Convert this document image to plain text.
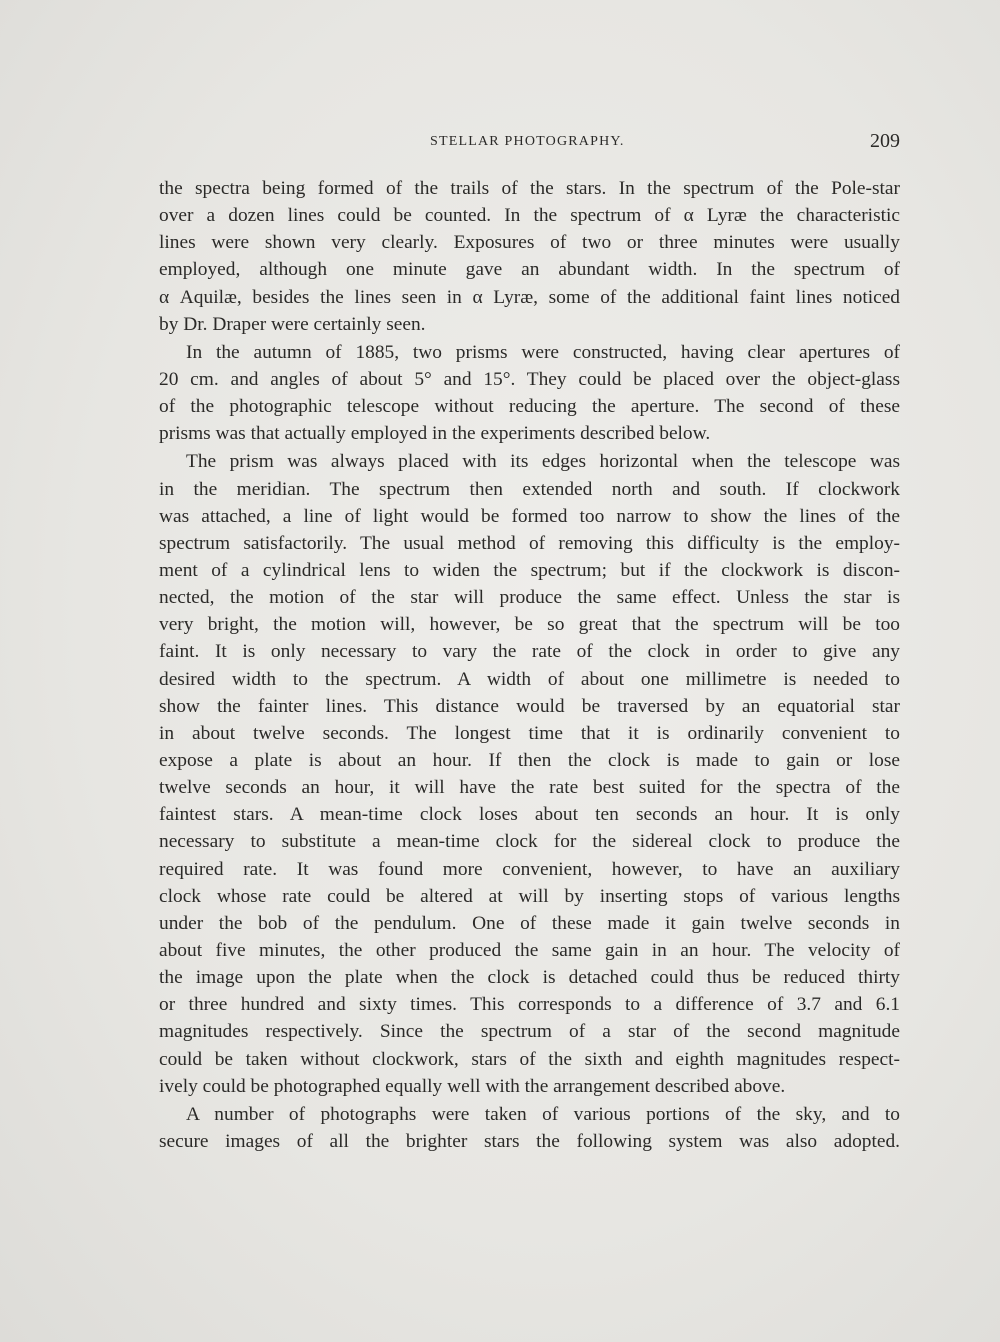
STELLAR PHOTOGRAPHY.	209
the spectra being formed of the trails of the stars. In the spectrum of the Pole-star
over a dozen lines could be counted. In the spectrum of α Lyræ the characteristic
lines were shown very clearly. Exposures of two or three minutes were usually
employed, although one minute gave an abundant width. In the spectrum of
α Aquilæ, besides the lines seen in α Lyræ, some of the additional faint lines noticed
by Dr. Draper were certainly seen.
In the autumn of 1885, two prisms were constructed, having clear apertures of
20 cm. and angles of about 5° and 15°. They could be placed over the object-glass
of the photographic telescope without reducing the aperture. The second of these
prisms was that actually employed in the experiments described below.
The prism was always placed with its edges horizontal when the telescope was
in the meridian. The spectrum then extended north and south. If clockwork
was attached, a line of light would be formed too narrow to show the lines of the
spectrum satisfactorily. The usual method of removing this difficulty is the employ-
ment of a cylindrical lens to widen the spectrum; but if the clockwork is discon-
nected, the motion of the star will produce the same effect. Unless the star is
very bright, the motion will, however, be so great that the spectrum will be too
faint. It is only necessary to vary the rate of the clock in order to give any
desired width to the spectrum. A width of about one millimetre is needed to
show the fainter lines. This distance would be traversed by an equatorial star
in about twelve seconds. The longest time that it is ordinarily convenient to
expose a plate is about an hour. If then the clock is made to gain or lose
twelve seconds an hour, it will have the rate best suited for the spectra of the
faintest stars. A mean-time clock loses about ten seconds an hour. It is only
necessary to substitute a mean-time clock for the sidereal clock to produce the
required rate. It was found more convenient, however, to have an auxiliary
clock whose rate could be altered at will by inserting stops of various lengths
under the bob of the pendulum. One of these made it gain twelve seconds in
about five minutes, the other produced the same gain in an hour. The velocity of
the image upon the plate when the clock is detached could thus be reduced thirty
or three hundred and sixty times. This corresponds to a difference of 3.7 and 6.1
magnitudes respectively. Since the spectrum of a star of the second magnitude
could be taken without clockwork, stars of the sixth and eighth magnitudes respect-
ively could be photographed equally well with the arrangement described above.
A number of photographs were taken of various portions of the sky, and to
secure images of all the brighter stars the following system was also adopted.
